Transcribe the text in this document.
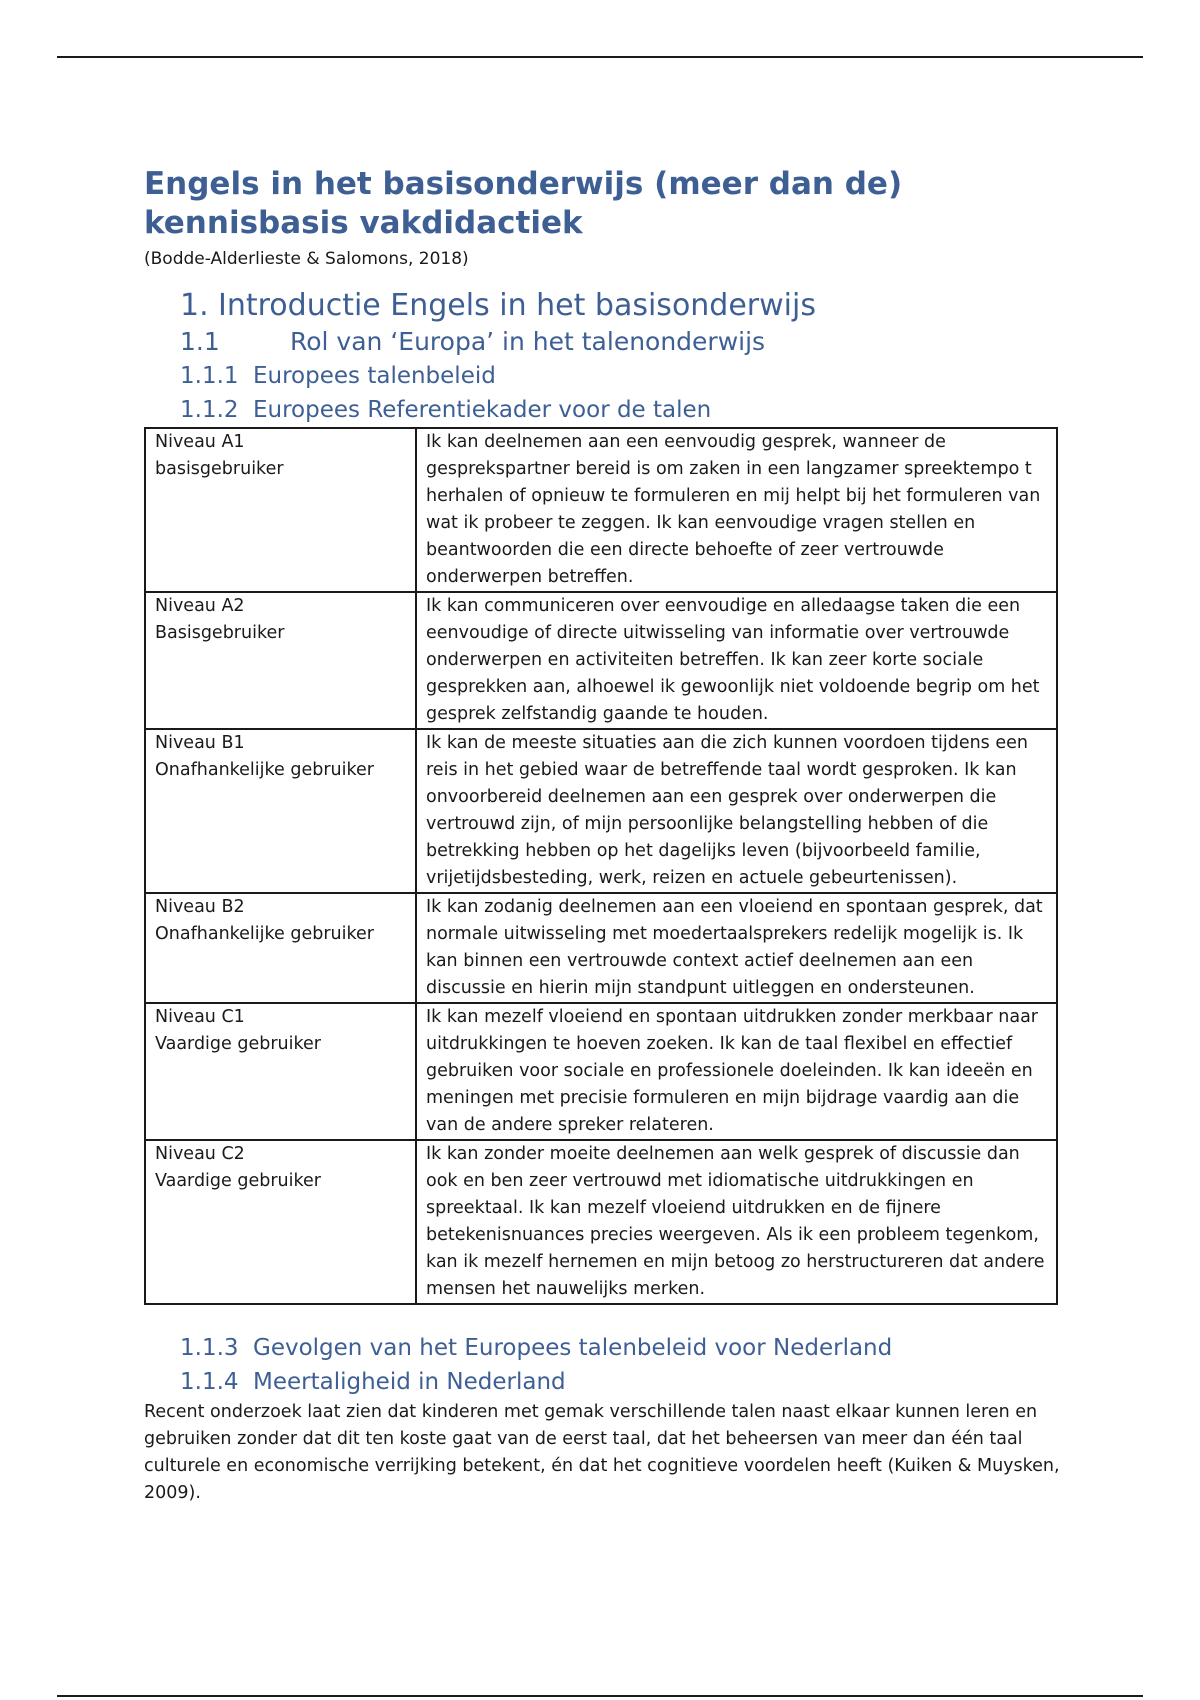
Engels in het basisonderwijs (meer dan de) kennisbasis vakdidactiek

(Bodde-Alderlieste & Salomons, 2018)

1. Introductie Engels in het basisonderwijs
1.1	Rol van ‘Europa’ in het talenonderwijs
1.1.1 Europees talenbeleid
1.1.2 Europees Referentiekader voor de talen
Niveau A1
basisgebruiker	Ik kan deelnemen aan een eenvoudig gesprek, wanneer de gesprekspartner bereid is om zaken in een langzamer spreektempo t herhalen of opnieuw te formuleren en mij helpt bij het formuleren van wat ik probeer te zeggen. Ik kan eenvoudige vragen stellen en beantwoorden die een directe behoefte of zeer vertrouwde onderwerpen betreffen.

Niveau A2
Basisgebruiker	Ik kan communiceren over eenvoudige en alledaagse taken die een eenvoudige of directe uitwisseling van informatie over vertrouwde onderwerpen en activiteiten betreffen. Ik kan zeer korte sociale gesprekken aan, alhoewel ik gewoonlijk niet voldoende begrip om het gesprek zelfstandig gaande te houden.

Niveau B1
Onafhankelijke gebruiker	Ik kan de meeste situaties aan die zich kunnen voordoen tijdens een reis in het gebied waar de betreffende taal wordt gesproken. Ik kan onvoorbereid deelnemen aan een gesprek over onderwerpen die vertrouwd zijn, of mijn persoonlijke belangstelling hebben of die betrekking hebben op het dagelijks leven (bijvoorbeeld familie, vrijetijdsbesteding, werk, reizen en actuele gebeurtenissen).

Niveau B2
Onafhankelijke gebruiker	Ik kan zodanig deelnemen aan een vloeiend en spontaan gesprek, dat normale uitwisseling met moedertaalsprekers redelijk mogelijk is. Ik kan binnen een vertrouwde context actief deelnemen aan een discussie en hierin mijn standpunt uitleggen en ondersteunen.

Niveau C1
Vaardige gebruiker	Ik kan mezelf vloeiend en spontaan uitdrukken zonder merkbaar naar uitdrukkingen te hoeven zoeken. Ik kan de taal flexibel en effectief gebruiken voor sociale en professionele doeleinden. Ik kan ideeën en meningen met precisie formuleren en mijn bijdrage vaardig aan die van de andere spreker relateren.

Niveau C2
Vaardige gebruiker	Ik kan zonder moeite deelnemen aan welk gesprek of discussie dan ook en ben zeer vertrouwd met idiomatische uitdrukkingen en spreektaal. Ik kan mezelf vloeiend uitdrukken en de fijnere betekenisnuances precies weergeven. Als ik een probleem tegenkom, kan ik mezelf hernemen en mijn betoog zo herstructureren dat andere mensen het nauwelijks merken.
1.1.3 Gevolgen van het Europees talenbeleid voor Nederland
1.1.4 Meertaligheid in Nederland

Recent onderzoek laat zien dat kinderen met gemak verschillende talen naast elkaar kunnen leren en gebruiken zonder dat dit ten koste gaat van de eerst taal, dat het beheersen van meer dan één taal culturele en economische verrijking betekent, én dat het cognitieve voordelen heeft (Kuiken & Muysken, 2009).
